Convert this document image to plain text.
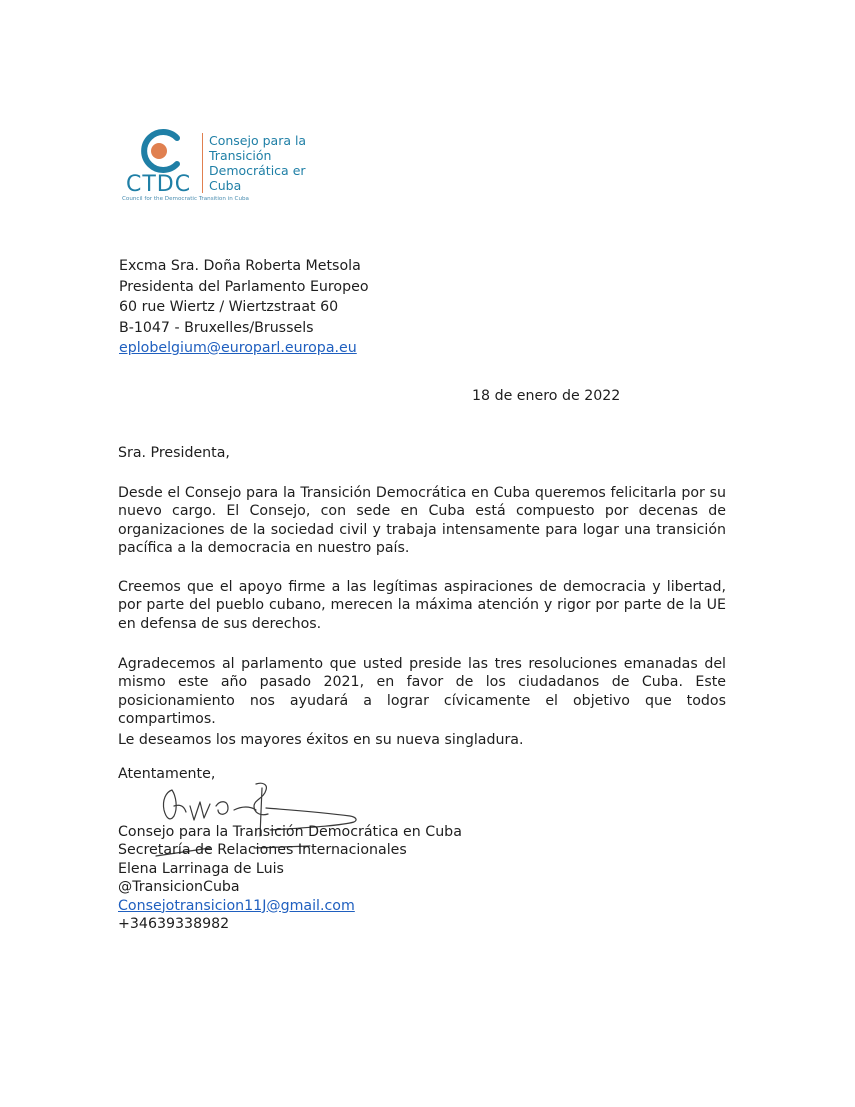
CTDC
Consejo para la
Transición
Democrática er
Cuba
Council for the Democratic Transition in Cuba
Excma Sra. Doña Roberta Metsola
Presidenta del Parlamento Europeo
60 rue Wiertz / Wiertzstraat 60
B-1047 - Bruxelles/Brussels
eplobelgium@europarl.europa.eu
18 de enero de 2022
Sra. Presidenta,

Desde el Consejo para la Transición Democrática en Cuba queremos felicitarla por su nuevo cargo. El Consejo, con sede en Cuba está compuesto por decenas de organizaciones de la sociedad civil y trabaja intensamente para logar una transición pacífica a la democracia en nuestro país.

Creemos que el apoyo firme a las legítimas aspiraciones de democracia y libertad, por parte del pueblo cubano, merecen la máxima atención y rigor por parte de la UE en defensa de sus derechos.

Agradecemos al parlamento que usted preside las tres resoluciones emanadas del mismo este año pasado 2021, en favor de los ciudadanos de Cuba. Este posicionamiento nos ayudará a lograr cívicamente el objetivo que todos compartimos.

Le deseamos los mayores éxitos en su nueva singladura.

Atentamente,
Consejo para la Transición Democrática en Cuba
Secretaría de Relaciones Internacionales
Elena Larrinaga de Luis
@TransicionCuba
Consejotransicion11J@gmail.com
+34639338982
